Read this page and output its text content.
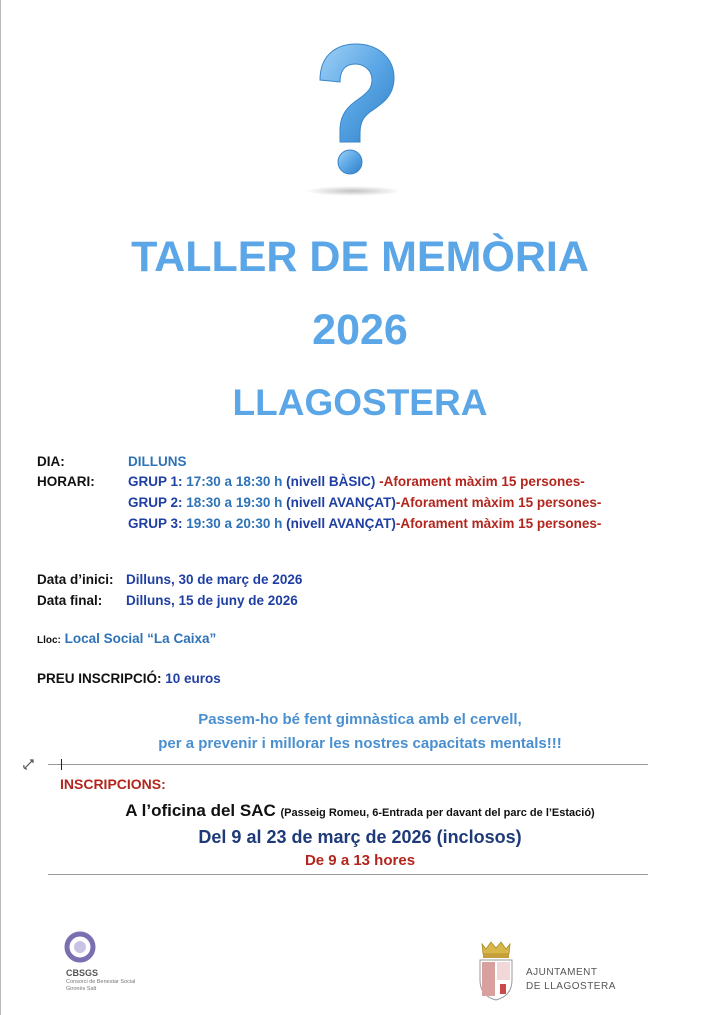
TALLER DE MEMÒRIA
2026
LLAGOSTERA
DIA:	DILLUNS
HORARI: GRUP 1: 17:30 a 18:30 h (nivell BÀSIC) -Aforament màxim 15 persones-
GRUP 2: 18:30 a 19:30 h (nivell AVANÇAT)-Aforament màxim 15 persones-
GRUP 3: 19:30 a 20:30 h (nivell AVANÇAT)-Aforament màxim 15 persones-
Data d’inici: Dilluns, 30 de març de 2026
Data final: Dilluns, 15 de juny de 2026
Lloc: Local Social “La Caixa”
PREU INSCRIPCIÓ: 10 euros
Passem-ho bé fent gimnàstica amb el cervell,
per a prevenir i millorar les nostres capacitats mentals!!!
INSCRIPCIONS:
A l’oficina del SAC (Passeig Romeu, 6-Entrada per davant del parc de l’Estació)
Del 9 al 23 de març de 2026 (inclosos)
De 9 a 13 hores
CBSGS
Consorci de Benestar Social
Gironès Salt
AJUNTAMENT
DE LLAGOSTERA
